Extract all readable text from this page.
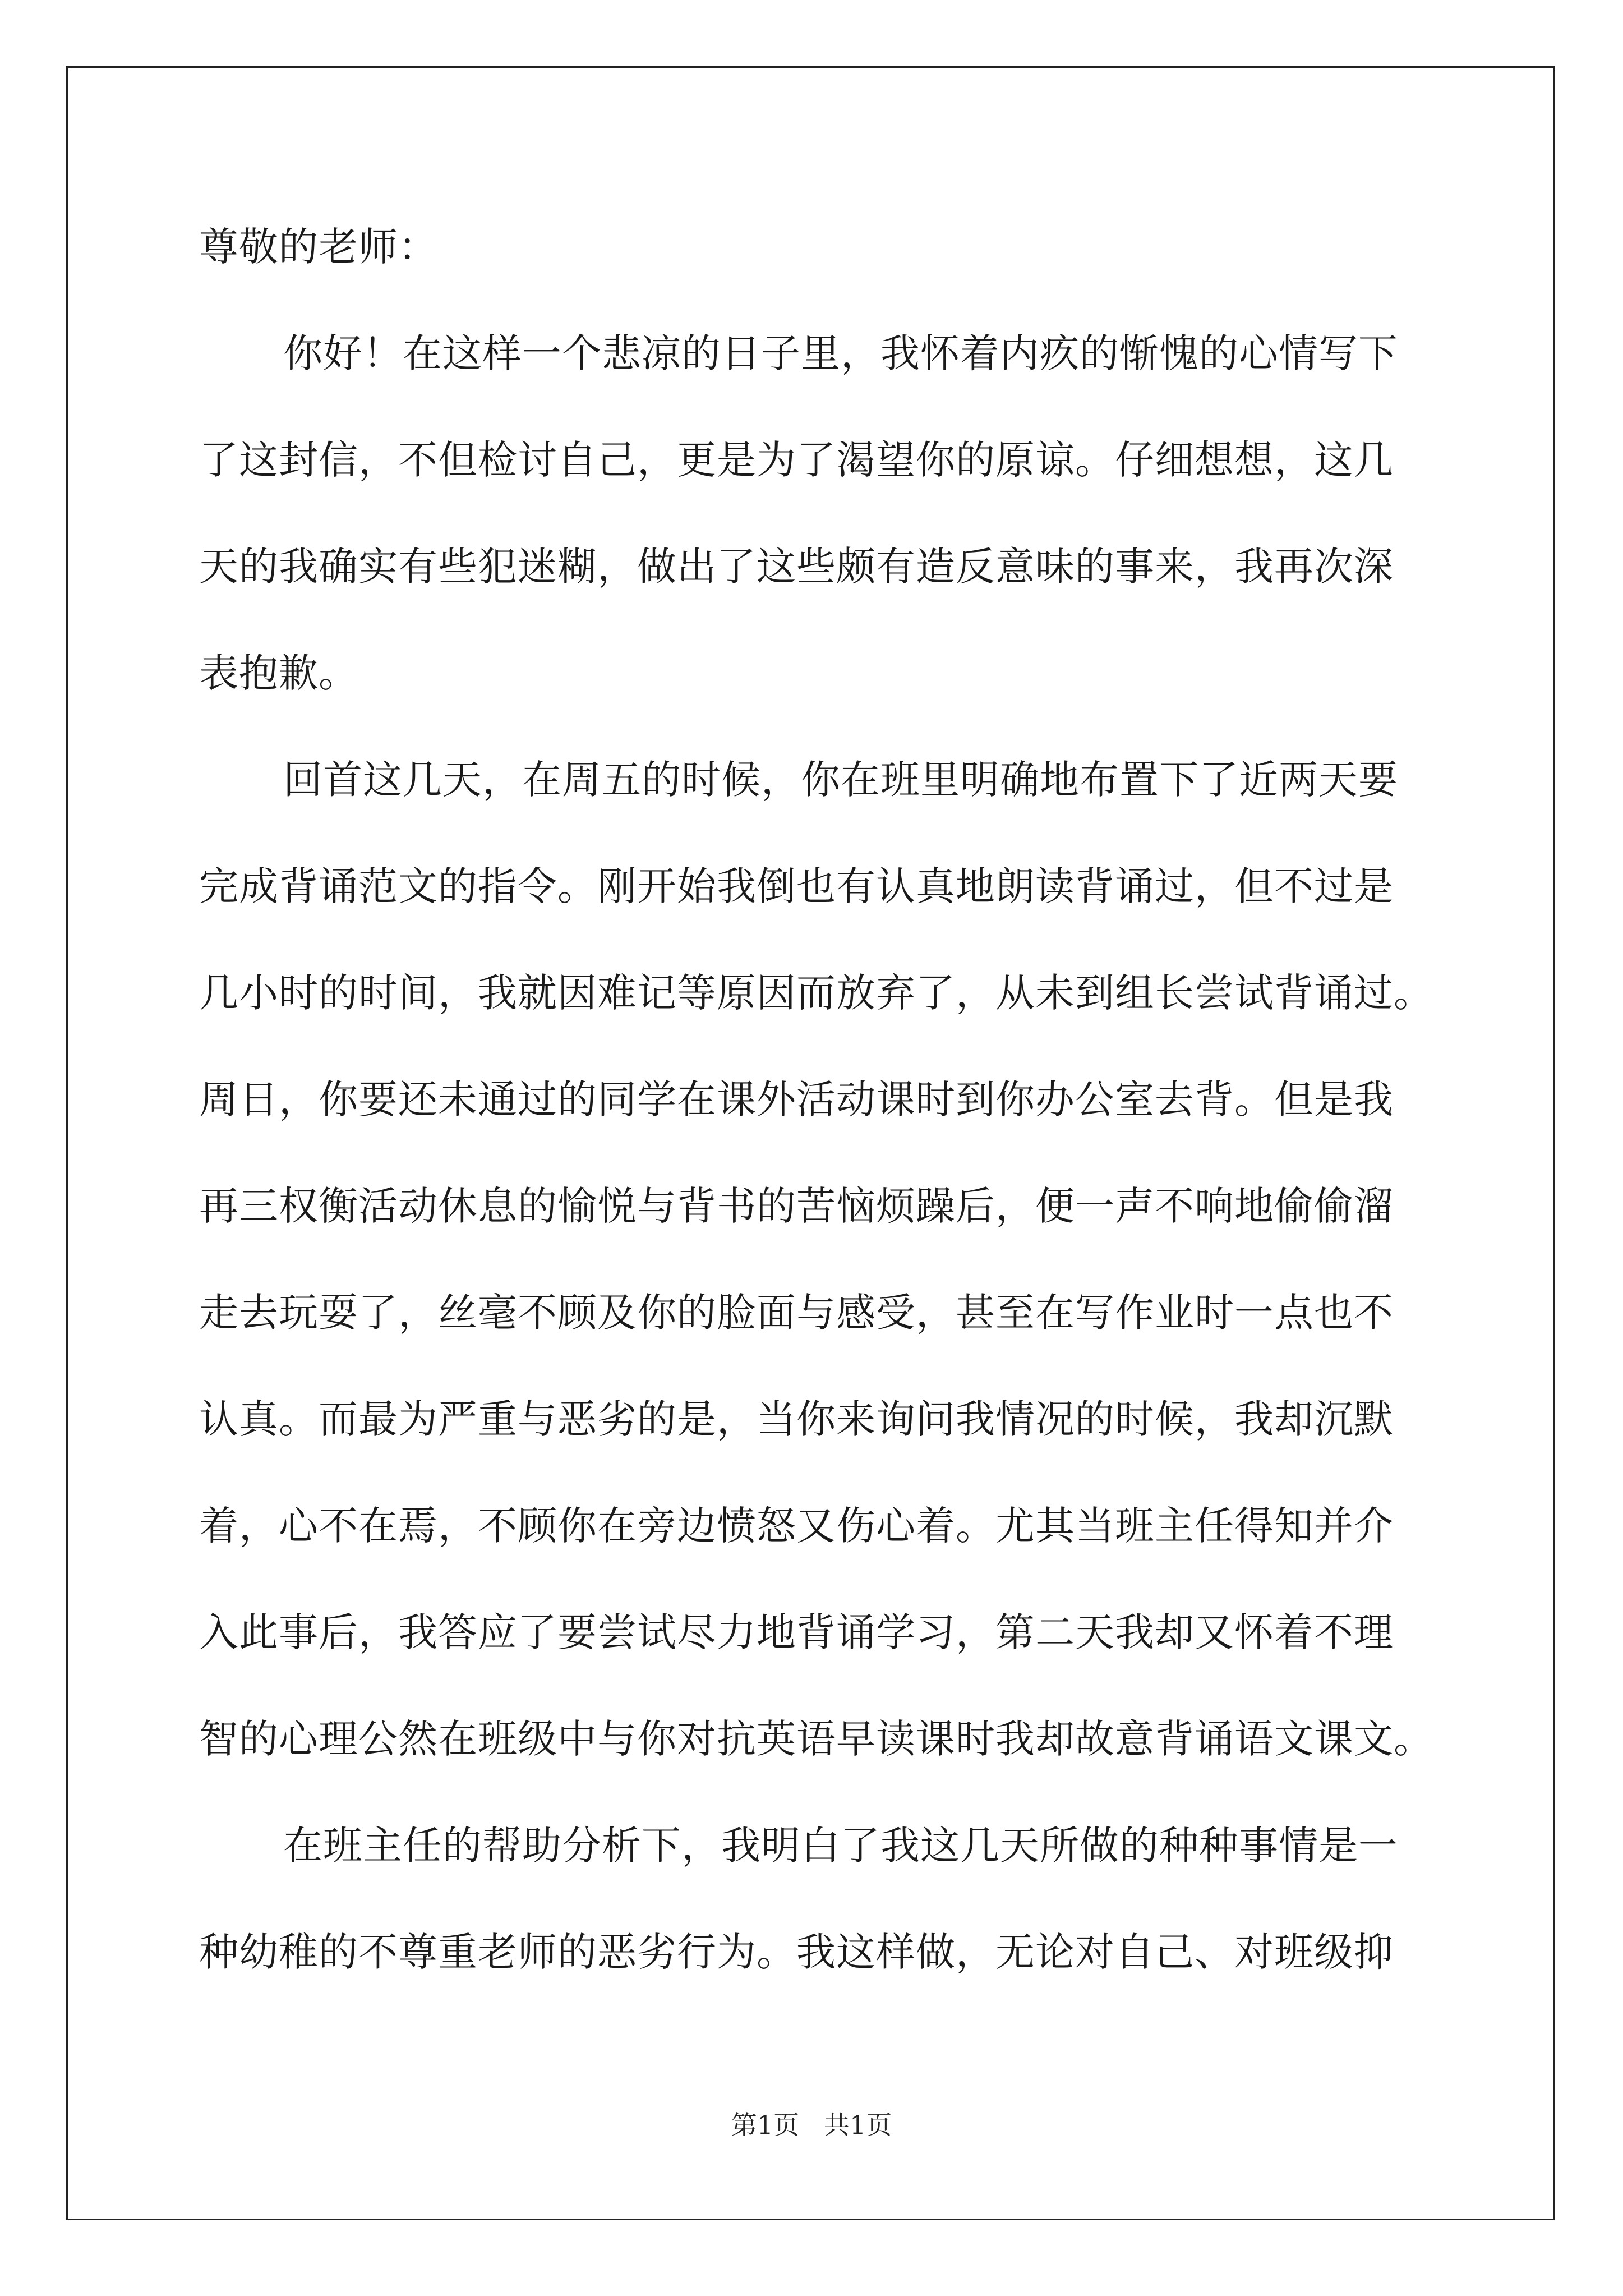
尊敬的老师：

你好！在这样一个悲凉的日子里，我怀着内疚的惭愧的心情写下

了这封信，不但检讨自己，更是为了渴望你的原谅。仔细想想，这几

天的我确实有些犯迷糊，做出了这些颇有造反意味的事来，我再次深

表抱歉。

回首这几天，在周五的时候，你在班里明确地布置下了近两天要

完成背诵范文的指令。刚开始我倒也有认真地朗读背诵过，但不过是

几小时的时间，我就因难记等原因而放弃了，从未到组长尝试背诵过。

周日，你要还未通过的同学在课外活动课时到你办公室去背。但是我

再三权衡活动休息的愉悦与背书的苦恼烦躁后，便一声不响地偷偷溜

走去玩耍了，丝毫不顾及你的脸面与感受，甚至在写作业时一点也不

认真。而最为严重与恶劣的是，当你来询问我情况的时候，我却沉默

着，心不在焉，不顾你在旁边愤怒又伤心着。尤其当班主任得知并介

入此事后，我答应了要尝试尽力地背诵学习，第二天我却又怀着不理

智的心理公然在班级中与你对抗英语早读课时我却故意背诵语文课文。

在班主任的帮助分析下，我明白了我这几天所做的种种事情是一

种幼稚的不尊重老师的恶劣行为。我这样做，无论对自己、对班级抑

第1页 共1页
